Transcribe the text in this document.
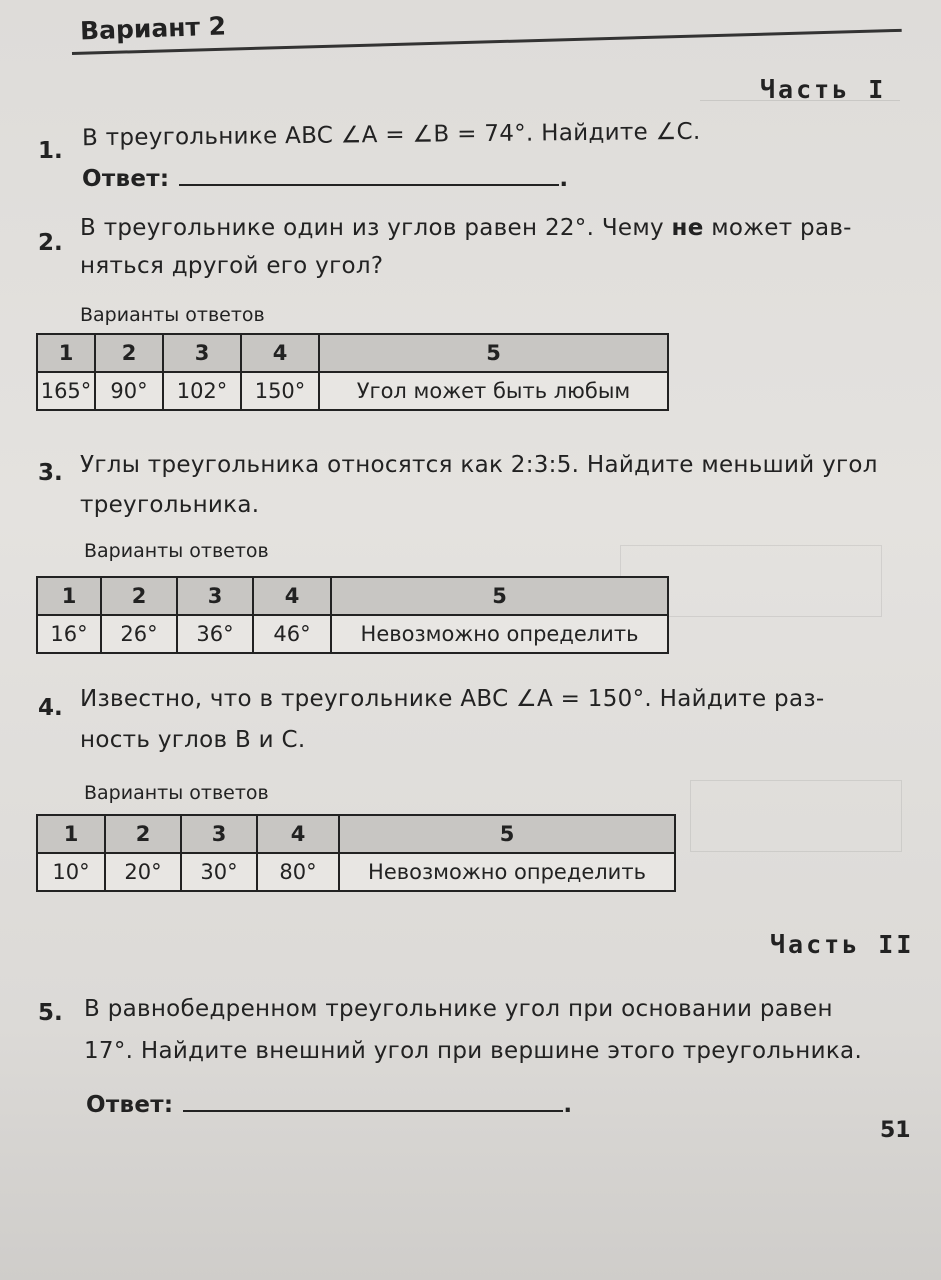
Вариант 2
Часть I
1. В треугольнике ABC ∠A = ∠B = 74°. Найдите ∠C.
Ответ:	.
2.
В треугольнике один из углов равен 22°. Чему не может рав-
няться другой его угол?
Варианты ответов
1	2	3	4	5
165°	90°	102°	150°	Угол может быть любым
3. Углы треугольника относятся как 2:3:5. Найдите меньший угол
треугольника.
Варианты ответов
1	2	3	4	5
16°	26°	36°	46°	Невозможно определить
4. Известно, что в треугольнике ABC ∠A = 150°. Найдите раз-
ность углов B и C.
Варианты ответов
1	2	3	4	5
10°	20°	30°	80°	Невозможно определить
Часть II
5. В равнобедренном треугольнике угол при основании равен
17°. Найдите внешний угол при вершине этого треугольника.
Ответ:	.
51
